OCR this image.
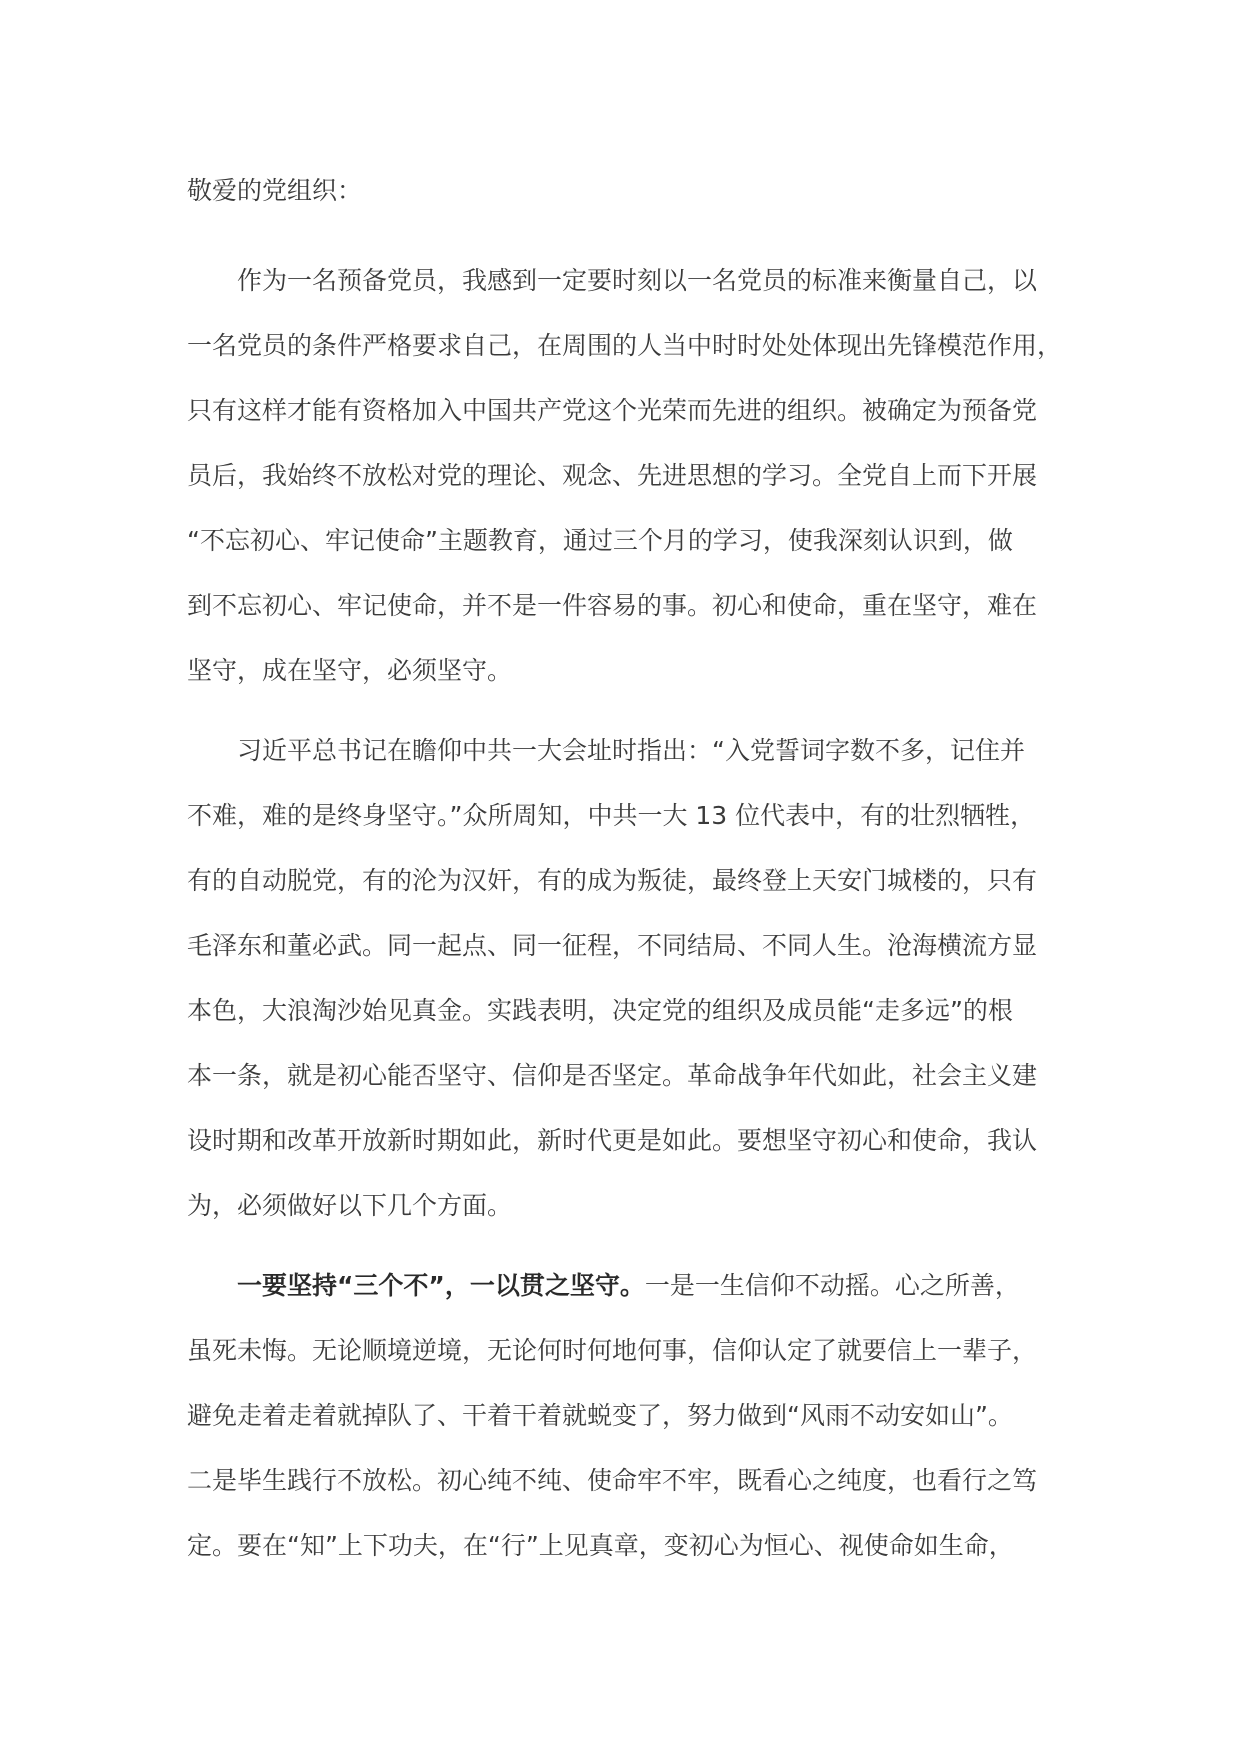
敬爱的党组织：
作为一名预备党员，我感到一定要时刻以一名党员的标准来衡量自己，以
一名党员的条件严格要求自己，在周围的人当中时时处处体现出先锋模范作用，
只有这样才能有资格加入中国共产党这个光荣而先进的组织。被确定为预备党
员后，我始终不放松对党的理论、观念、先进思想的学习。全党自上而下开展
“不忘初心、牢记使命”主题教育，通过三个月的学习，使我深刻认识到，做
到不忘初心、牢记使命，并不是一件容易的事。初心和使命，重在坚守，难在
坚守，成在坚守，必须坚守。
习近平总书记在瞻仰中共一大会址时指出：“入党誓词字数不多，记住并
不难，难的是终身坚守。”众所周知，中共一大 13 位代表中，有的壮烈牺牲，
有的自动脱党，有的沦为汉奸，有的成为叛徒，最终登上天安门城楼的，只有
毛泽东和董必武。同一起点、同一征程，不同结局、不同人生。沧海横流方显
本色，大浪淘沙始见真金。实践表明，决定党的组织及成员能“走多远”的根
本一条，就是初心能否坚守、信仰是否坚定。革命战争年代如此，社会主义建
设时期和改革开放新时期如此，新时代更是如此。要想坚守初心和使命，我认
为，必须做好以下几个方面。
一要坚持“三个不”，一以贯之坚守。一是一生信仰不动摇。心之所善，
虽死未悔。无论顺境逆境，无论何时何地何事，信仰认定了就要信上一辈子，
避免走着走着就掉队了、干着干着就蜕变了，努力做到“风雨不动安如山”。
二是毕生践行不放松。初心纯不纯、使命牢不牢，既看心之纯度，也看行之笃
定。要在“知”上下功夫，在“行”上见真章，变初心为恒心、视使命如生命，
